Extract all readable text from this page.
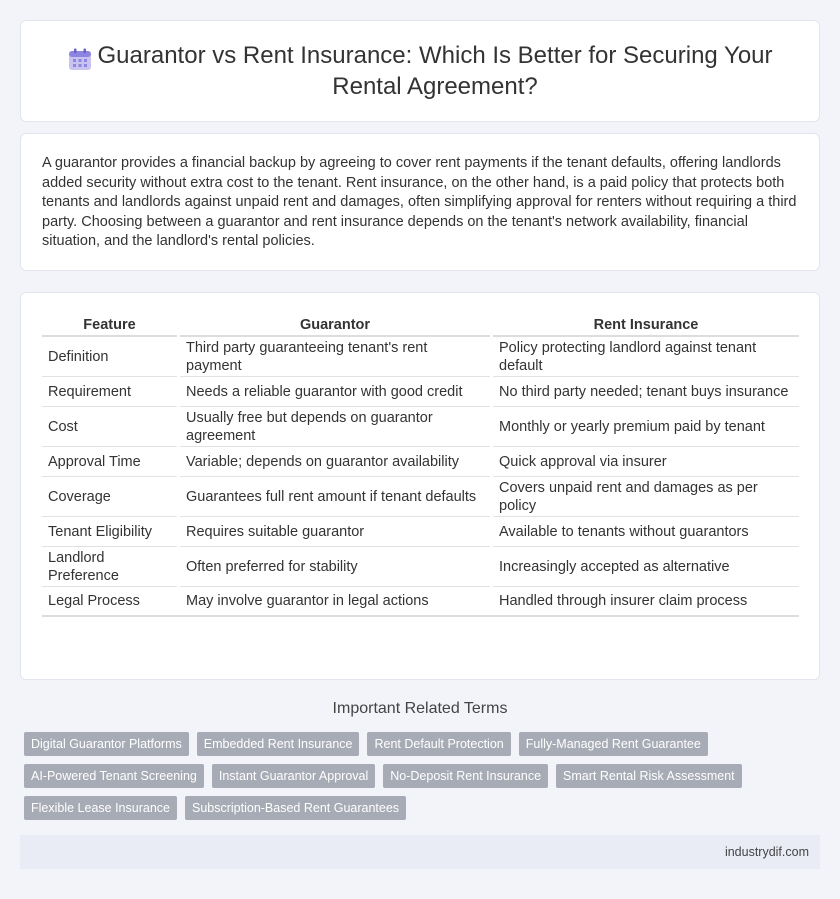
Guarantor vs Rent Insurance: Which Is Better for Securing Your Rental Agreement?

A guarantor provides a financial backup by agreeing to cover rent payments if the tenant defaults, offering landlords added security without extra cost to the tenant. Rent insurance, on the other hand, is a paid policy that protects both tenants and landlords against unpaid rent and damages, often simplifying approval for renters without requiring a third party. Choosing between a guarantor and rent insurance depends on the tenant's network availability, financial situation, and the landlord's rental policies.

Feature		Guarantor		Rent Insurance
Definition		Third party guaranteeing tenant's rent payment		Policy protecting landlord against tenant default
Requirement		Needs a reliable guarantor with good credit		No third party needed; tenant buys insurance
Cost		Usually free but depends on guarantor agreement		Monthly or yearly premium paid by tenant
Approval Time		Variable; depends on guarantor availability		Quick approval via insurer
Coverage		Guarantees full rent amount if tenant defaults		Covers unpaid rent and damages as per policy
Tenant Eligibility		Requires suitable guarantor		Available to tenants without guarantors
Landlord Preference		Often preferred for stability		Increasingly accepted as alternative
Legal Process		May involve guarantor in legal actions		Handled through insurer claim process
Important Related Terms
Digital Guarantor Platforms	Embedded Rent Insurance	Rent Default Protection	Fully-Managed Rent Guarantee
AI-Powered Tenant Screening	Instant Guarantor Approval	No-Deposit Rent Insurance	Smart Rental Risk Assessment
Flexible Lease Insurance	Subscription-Based Rent Guarantees
industrydif.com
